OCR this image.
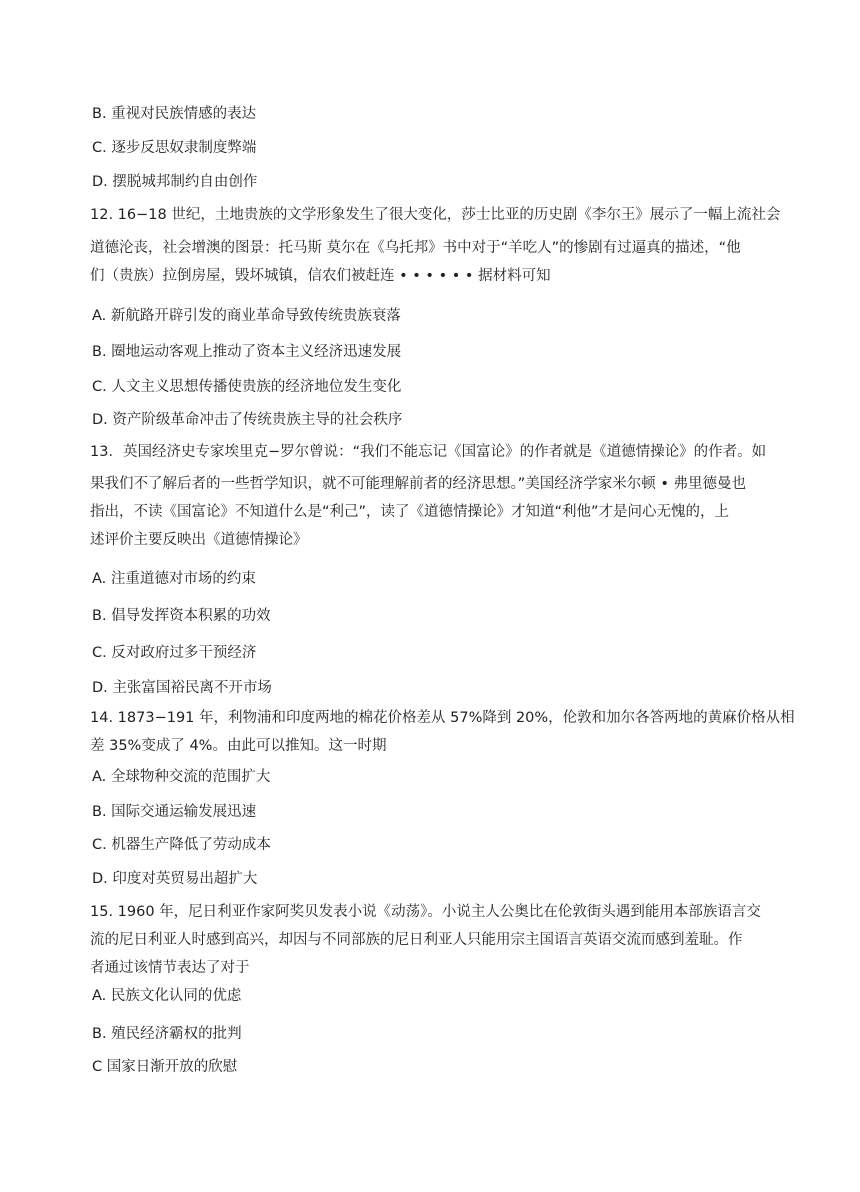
B. 重视对民族情感的表达
C. 逐步反思奴隶制度弊端
D. 摆脱城邦制约自由创作
12. 16−18 世纪，土地贵族的文学形象发生了很大变化，莎士比亚的历史剧《李尔王》展示了一幅上流社会
道德沦丧，社会增澳的图景：托马斯 莫尔在《乌托邦》书中对于“羊吃人”的惨剧有过逼真的描述，“他
们（贵族）拉倒房屋，毁坏城镇，信农们被赶连 • • • • • • 据材料可知
A. 新航路开辟引发的商业革命导致传统贵族衰落
B. 圈地运动客观上推动了资本主义经济迅速发展
C. 人文主义思想传播使贵族的经济地位发生变化
D. 资产阶级革命冲击了传统贵族主导的社会秩序
13．英国经济史专家埃里克−罗尔曾说：“我们不能忘记《国富论》的作者就是《道德情操论》的作者。如
果我们不了解后者的一些哲学知识，就不可能理解前者的经济思想。”美国经济学家米尔顿 • 弗里德曼也
指出，不读《国富论》不知道什么是“利己”，读了《道德情操论》才知道“利他”才是问心无愧的，上
述评价主要反映出《道德情操论》
A. 注重道德对市场的约束
B. 倡导发挥资本积累的功效
C. 反对政府过多干预经济
D. 主张富国裕民离不开市场
14. 1873−191 年，利物浦和印度两地的棉花价格差从 57%降到 20%，伦敦和加尔各答两地的黄麻价格从相
差 35%变成了 4%。由此可以推知。这一时期
A. 全球物种交流的范围扩大
B. 国际交通运输发展迅速
C. 机器生产降低了劳动成本
D. 印度对英贸易出超扩大
15. 1960 年，尼日利亚作家阿奖贝发表小说《动荡》。小说主人公奥比在伦敦街头遇到能用本部族语言交
流的尼日利亚人时感到高兴，却因与不同部族的尼日利亚人只能用宗主国语言英语交流而感到羞耻。作
者通过该情节表达了对于
A. 民族文化认同的优虑
B. 殖民经济霸权的批判
C 国家日渐开放的欣慰
